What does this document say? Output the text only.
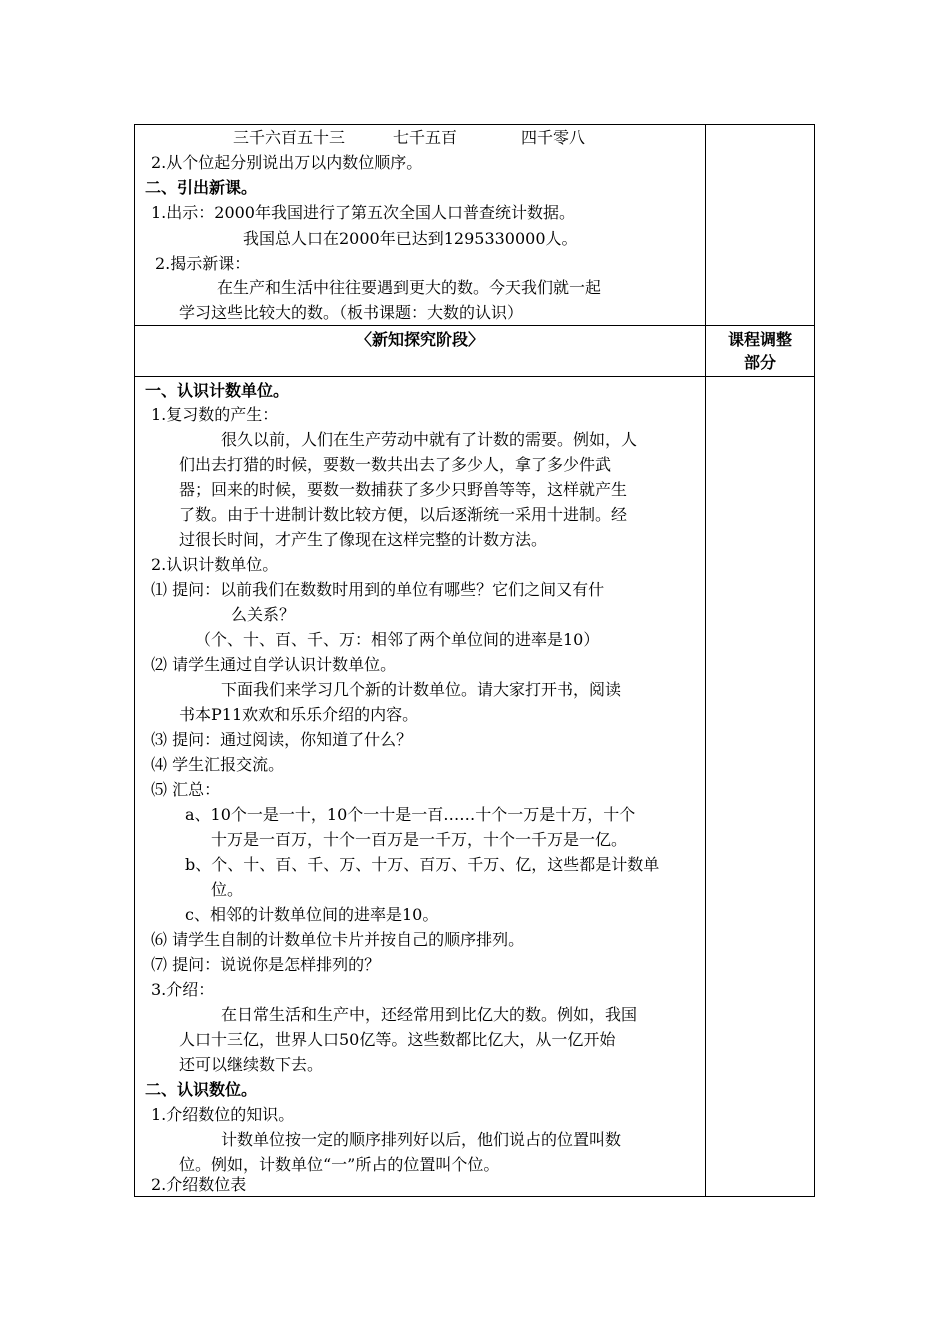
三千六百五十三	七千五百	四千零八
2.从个位起分别说出万以内数位顺序。
二、引出新课。
1.出示：2000年我国进行了第五次全国人口普查统计数据。
我国总人口在2000年已达到1295330000人。
2.揭示新课：
在生产和生活中往往要遇到更大的数。今天我们就一起
学习这些比较大的数。（板书课题：大数的认识）
〈新知探究阶段〉	课程调整
部分
一、认识计数单位。
1.复习数的产生：
很久以前，人们在生产劳动中就有了计数的需要。例如，人
们出去打猎的时候，要数一数共出去了多少人，拿了多少件武
器；回来的时候，要数一数捕获了多少只野兽等等，这样就产生
了数。由于十进制计数比较方便，以后逐渐统一采用十进制。经
过很长时间，才产生了像现在这样完整的计数方法。
2.认识计数单位。
⑴ 提问：以前我们在数数时用到的单位有哪些？它们之间又有什
么关系？
（个、十、百、千、万：相邻了两个单位间的进率是10）
⑵ 请学生通过自学认识计数单位。
下面我们来学习几个新的计数单位。请大家打开书，阅读
书本P11欢欢和乐乐介绍的内容。
⑶ 提问：通过阅读，你知道了什么？
⑷ 学生汇报交流。
⑸ 汇总：
a、10个一是一十，10个一十是一百……十个一万是十万，十个
十万是一百万，十个一百万是一千万，十个一千万是一亿。
b、个、十、百、千、万、十万、百万、千万、亿，这些都是计数单
位。
c、相邻的计数单位间的进率是10。
⑹ 请学生自制的计数单位卡片并按自己的顺序排列。
⑺ 提问：说说你是怎样排列的？
3.介绍：
在日常生活和生产中，还经常用到比亿大的数。例如，我国
人口十三亿，世界人口50亿等。这些数都比亿大，从一亿开始
还可以继续数下去。
二、认识数位。
1.介绍数位的知识。
计数单位按一定的顺序排列好以后，他们说占的位置叫数
位。例如，计数单位“一”所占的位置叫个位。
2.介绍数位表
